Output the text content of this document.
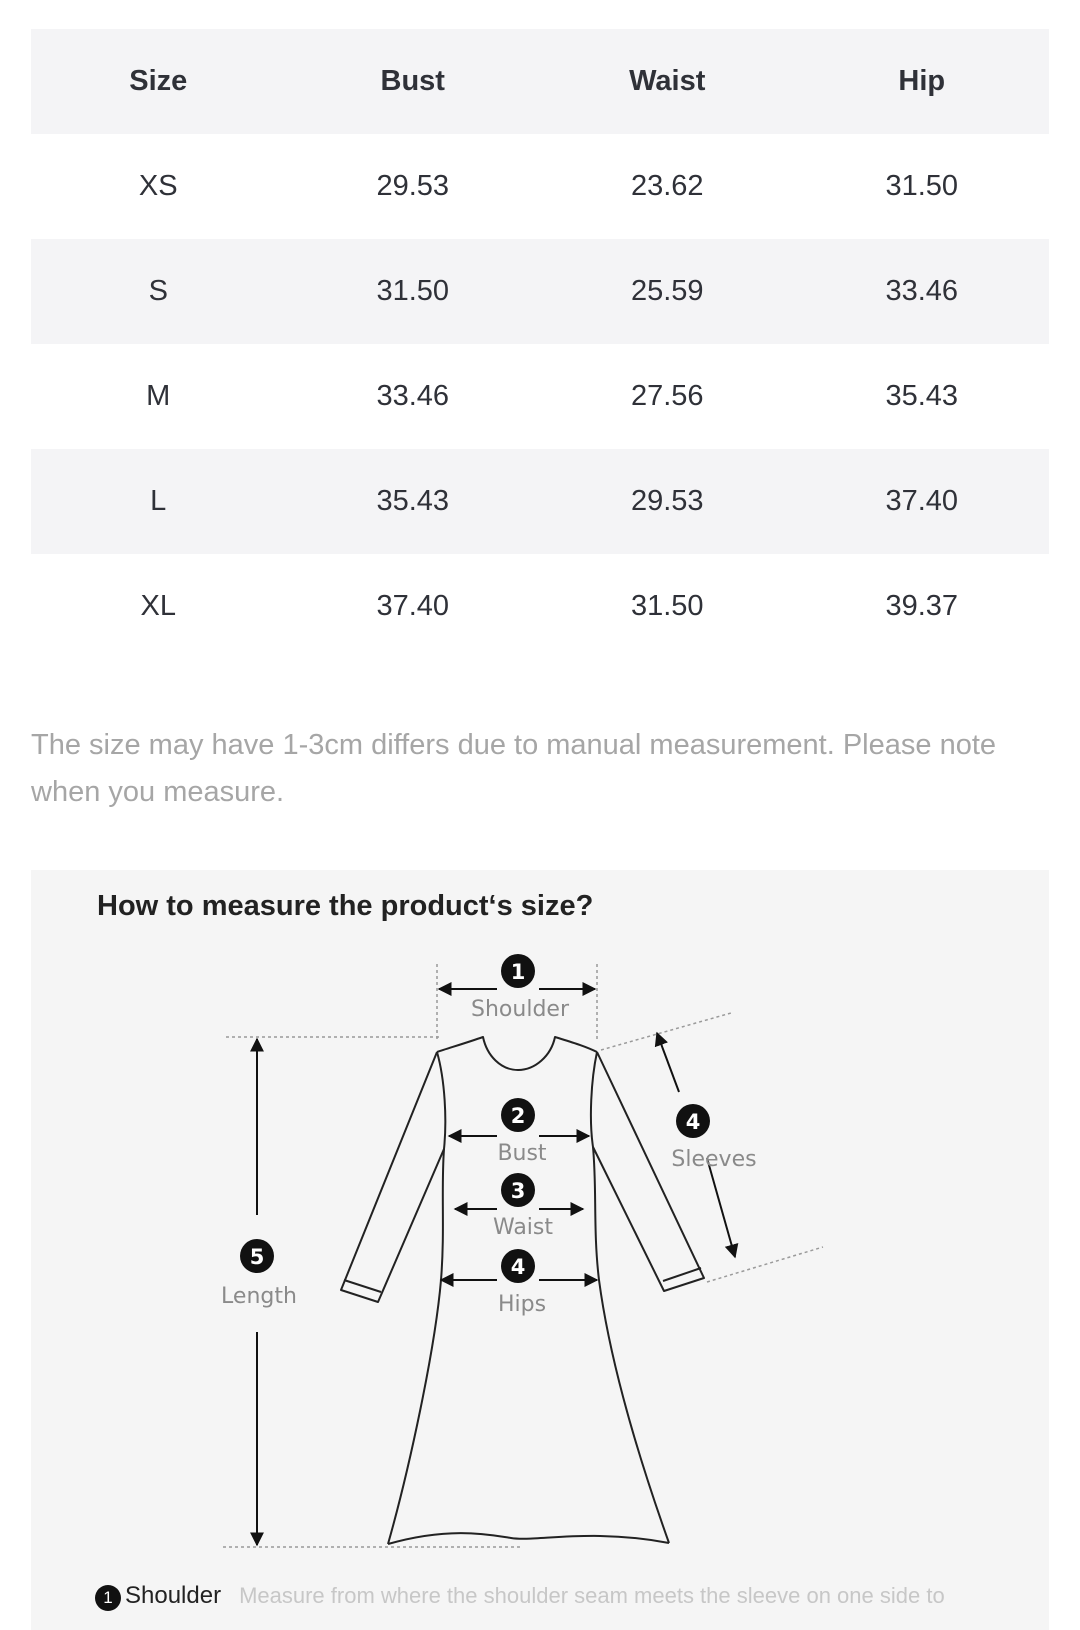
Size	Bust	Waist	Hip
XS	29.53	23.62	31.50
S	31.50	25.59	33.46
M	33.46	27.56	35.43
L	35.43	29.53	37.40
XL	37.40	31.50	39.37
The size may have 1-3cm differs due to manual measurement. Please note when you measure.
How to measure the product‘s size?
1
2
3
4
4
5
Shoulder
Bust
Waist
Hips
Sleeves
Length
1 Shoulder Measure from where the shoulder seam meets the sleeve on one side to
